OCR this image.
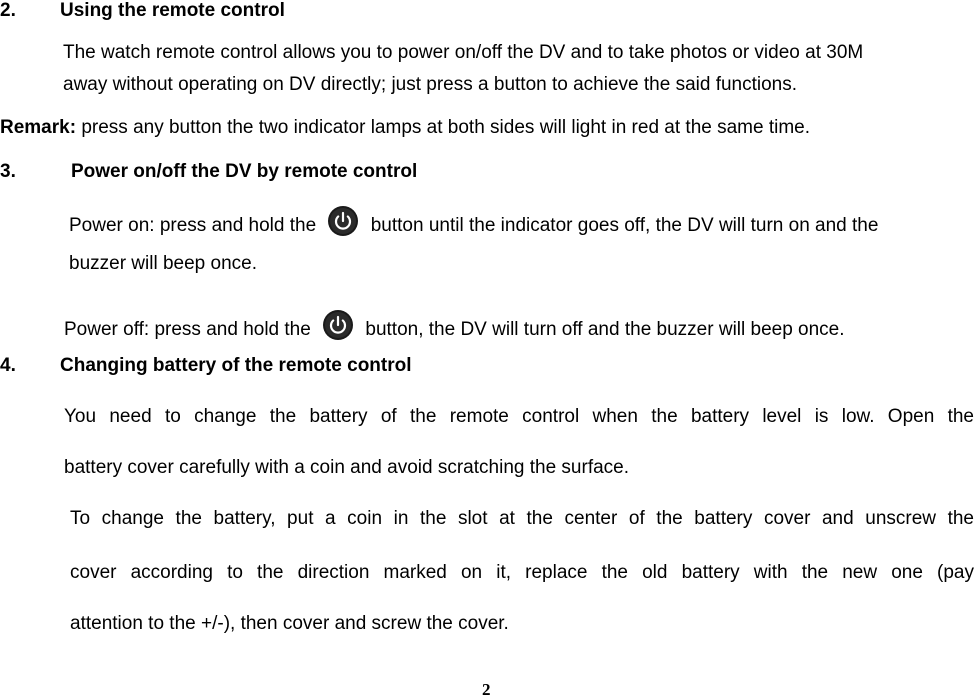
2. Using the remote control
The watch remote control allows you to power on/off the DV and to take photos or video at 30M
away without operating on DV directly; just press a button to achieve the said functions.
Remark: press any button the two indicator lamps at both sides will light in red at the same time.
3.	Power on/off the DV by remote control
Power on: press and hold the	button until the indicator goes off, the DV will turn on and the
buzzer will beep once.
Power off: press and hold the	button, the DV will turn off and the buzzer will beep once.
4. Changing battery of the remote control
You need to change the battery of the remote control when the battery level is low. Open the
battery cover carefully with a coin and avoid scratching the surface.
To change the battery, put a coin in the slot at the center of the battery cover and unscrew the
cover according to the direction marked on it, replace the old battery with the new one (pay
attention to the +/-), then cover and screw the cover.
2
